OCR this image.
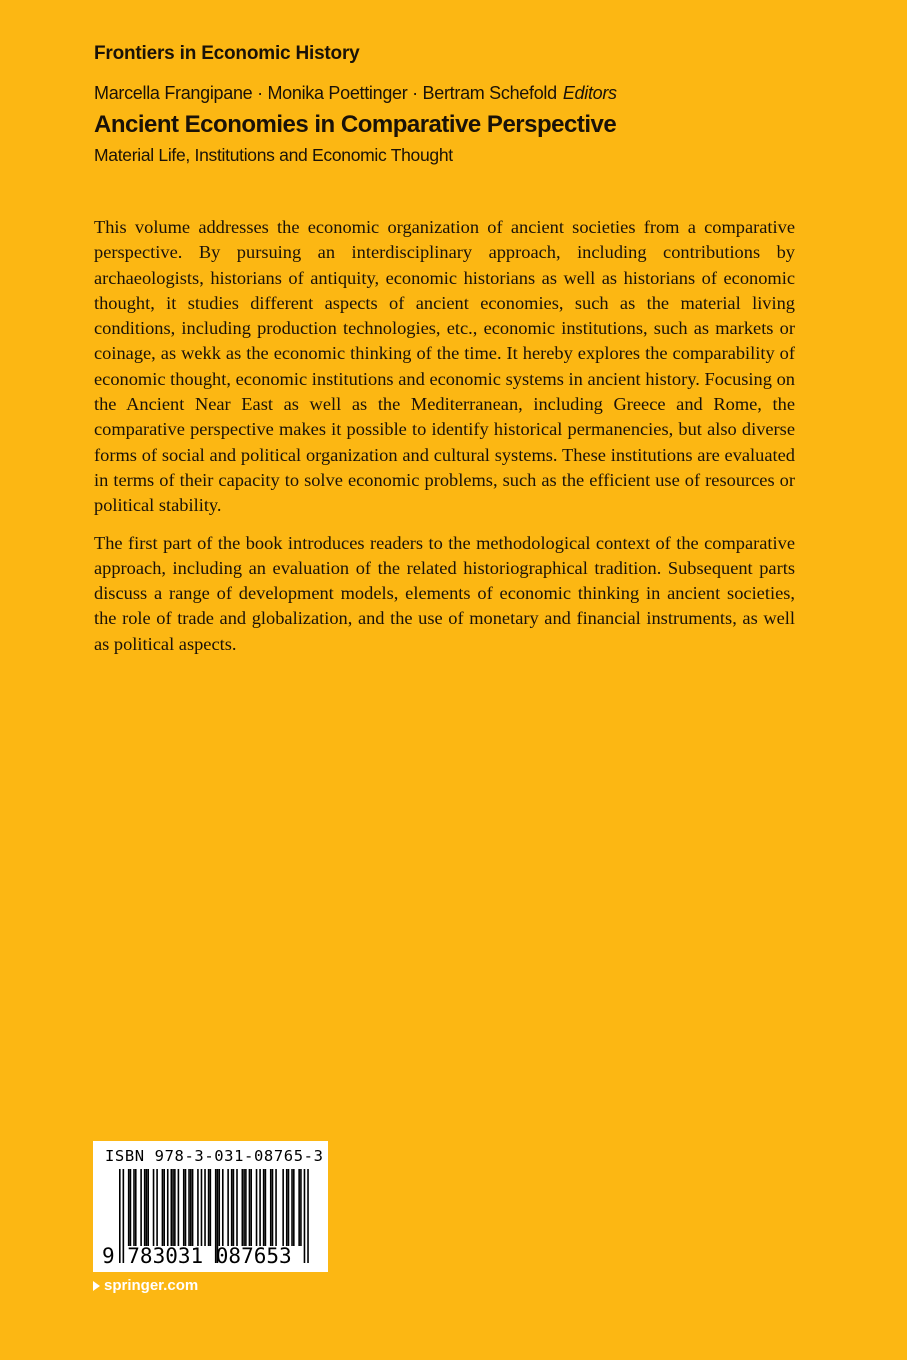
Frontiers in Economic History
Marcella Frangipane · Monika Poettinger · Bertram Schefold Editors
Ancient Economies in Comparative Perspective
Material Life, Institutions and Economic Thought

This volume addresses the economic organization of ancient societies from a comparative perspective. By pursuing an interdisciplinary approach, including contributions by archaeologists, historians of antiquity, economic historians as well as historians of economic thought, it studies different aspects of ancient economies, such as the material living conditions, including production technologies, etc., economic institutions, such as markets or coinage, as wekk as the economic thinking of the time. It hereby explores the comparability of economic thought, economic institutions and economic systems in ancient history. Focusing on the Ancient Near East as well as the Mediterranean, including Greece and Rome, the comparative perspective makes it possible to identify historical permanencies, but also diverse forms of social and political organization and cultural systems. These institutions are evaluated in terms of their capacity to solve economic problems, such as the efficient use of resources or political stability.

The first part of the book introduces readers to the methodological context of the comparative approach, including an evaluation of the related historiographical tradition. Subsequent parts discuss a range of development models, elements of economic thinking in ancient societies, the role of trade and globalization, and the use of monetary and financial instruments, as well as political aspects.

ISBN 978-3-031-08765-3
9 783031 087653
springer.com
